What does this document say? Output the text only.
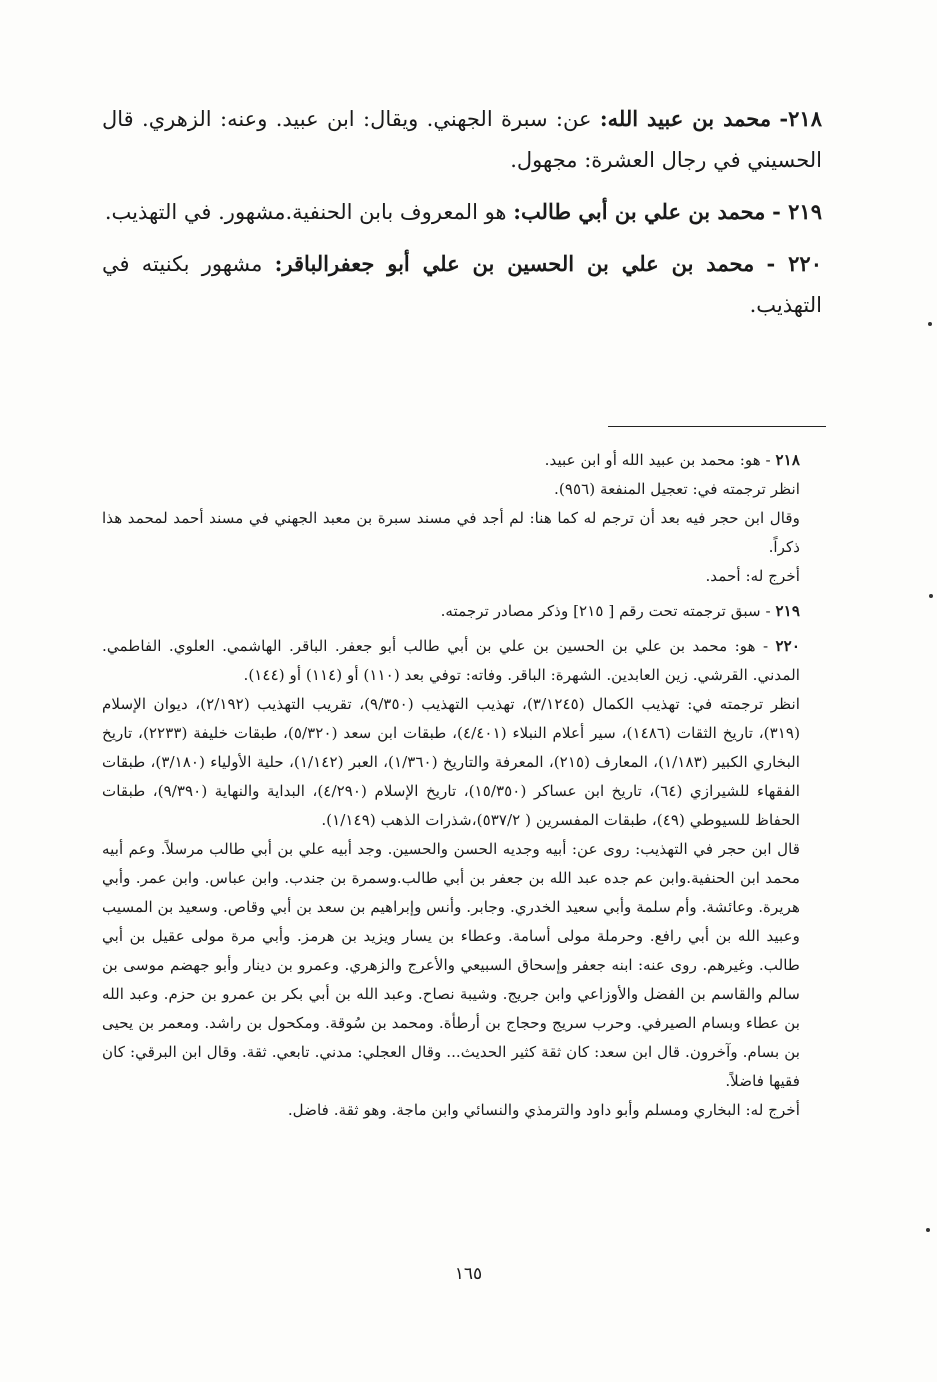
٢١٨- محمد بن عبيد الله: عن: سبرة الجهني. ويقال: ابن عبيد. وعنه: الزهري. قال الحسيني في رجال العشرة: مجهول.

٢١٩ - محمد بن علي بن أبي طالب: هو المعروف بابن الحنفية.مشهور. في التهذيب.

٢٢٠ - محمد بن علي بن الحسين بن علي أبو جعفرالباقر: مشهور بكنيته في التهذيب.

٢١٨ - هو: محمد بن عبيد الله أو ابن عبيد.

انظر ترجمته في: تعجيل المنفعة (٩٥٦).

وقال ابن حجر فيه بعد أن ترجم له كما هنا: لم أجد في مسند سبرة بن معبد الجهني في مسند أحمد لمحمد هذا ذكراً.

أخرج له: أحمد.

٢١٩ - سبق ترجمته تحت رقم [ ٢١٥] وذكر مصادر ترجمته.

٢٢٠ - هو: محمد بن علي بن الحسين بن علي بن أبي طالب أبو جعفر. الباقر. الهاشمي. العلوي. الفاطمي. المدني. القرشي. زين العابدين. الشهرة: الباقر. وفاته: توفي بعد (١١٠) أو (١١٤) أو (١٤٤).

انظر ترجمته في: تهذيب الكمال (٣/١٢٤٥)، تهذيب التهذيب (٩/٣٥٠)، تقريب التهذيب (٢/١٩٢)، ديوان الإسلام (٣١٩)، تاريخ الثقات (١٤٨٦)، سير أعلام النبلاء (٤/٤٠١)، طبقات ابن سعد (٥/٣٢٠)، طبقات خليفة (٢٢٣٣)، تاريخ البخاري الكبير (١/١٨٣)، المعارف (٢١٥)، المعرفة والتاريخ (١/٣٦٠)، العبر (١/١٤٢)، حلية الأولياء (٣/١٨٠)، طبقات الفقهاء للشيرازي (٦٤)، تاريخ ابن عساكر (١٥/٣٥٠)، تاريخ الإسلام (٤/٢٩٠)، البداية والنهاية (٩/٣٩٠)، طبقات الحفاظ للسيوطي (٤٩)، طبقات المفسرين ( ٥٣٧/٢)،شذرات الذهب (١/١٤٩).

قال ابن حجر في التهذيب: روى عن: أبيه وجديه الحسن والحسين. وجد أبيه علي بن أبي طالب مرسلاً. وعم أبيه محمد ابن الحنفية.وابن عم جده عبد الله بن جعفر بن أبي طالب.وسمرة بن جندب. وابن عباس. وابن عمر. وأبي هريرة. وعائشة. وأم سلمة وأبي سعيد الخدري. وجابر. وأنس وإبراهيم بن سعد بن أبي وقاص. وسعيد بن المسيب وعبيد الله بن أبي رافع. وحرملة مولى أسامة. وعطاء بن يسار ويزيد بن هرمز. وأبي مرة مولى عقيل بن أبي طالب. وغيرهم. روى عنه: ابنه جعفر وإسحاق السبيعي والأعرج والزهري. وعمرو بن دينار وأبو جهضم موسى بن سالم والقاسم بن الفضل والأوزاعي وابن جريج. وشيبة نصاح. وعبد الله بن أبي بكر بن عمرو بن حزم. وعبد الله بن عطاء وبسام الصيرفي. وحرب سريج وحجاج بن أرطأة. ومحمد بن سُوقة. ومكحول بن راشد. ومعمر بن يحيى بن بسام. وآخرون. قال ابن سعد: كان ثقة كثير الحديث... وقال العجلي: مدني. تابعي. ثقة. وقال ابن البرقي: كان فقيها فاضلاً.

أخرج له: البخاري ومسلم وأبو داود والترمذي والنسائي وابن ماجة. وهو ثقة. فاضل.

١٦٥
